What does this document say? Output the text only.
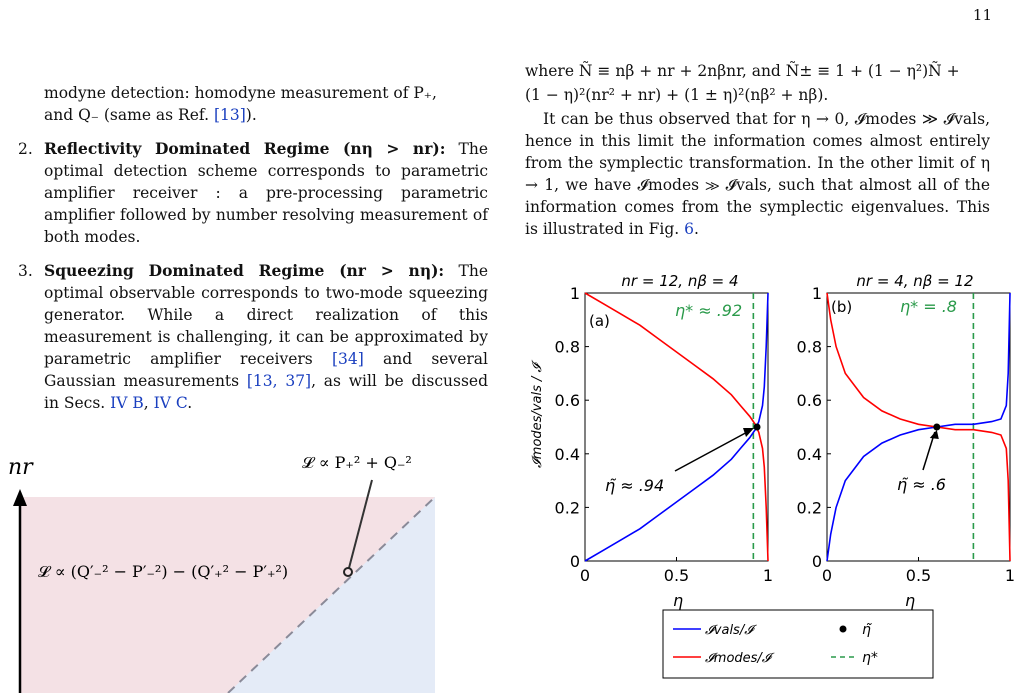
11

modyne detection: homodyne measurement of P₊,
and Q₋ (same as Ref. [13]).

2. Reflectivity Dominated Regime (nη > nr): The optimal detection scheme corresponds to parametric amplifier receiver : a pre-processing parametric amplifier followed by number resolving measurement of both modes.
3. Squeezing Dominated Regime (nr > nη): The optimal observable corresponds to two-mode squeezing generator. While a direct realization of this measurement is challenging, it can be approximated by parametric amplifier receivers [34] and several Gaussian measurements [13, 37], as will be discussed in Secs. IV B, IV C.

where Ñ ≡ nβ + nr + 2nβnr, and Ñ± ≡ 1 + (1 − η²)Ñ +

(1 − η)²(nr² + nr) + (1 ± η)²(nβ² + nβ).

It can be thus observed that for η → 0, 𝓘modes ≫ 𝓘vals, hence in this limit the information comes almost entirely from the symplectic transformation. In the other limit of η → 1, we have 𝓘modes ≫ 𝓘vals, such that almost all of the information comes from the symplectic eigenvalues. This is illustrated in Fig. 6.

nr	𝓛 ∝ P₊² + Q₋²
𝓛 ∝ (Q′₋² − P′₋²) − (Q′₊² − P′₊²)
nr = 12, nβ = 4
(a)
0	0.5	1
0
0.2
0.4
0.6
0.8
1
η* ≈ .92
η̃ ≈ .94
η
𝓘modes/vals / 𝓘
nr = 4, nβ = 12
(b)
0	0.5	1
0
0.2
0.4
0.6
0.8
1
η* = .8
η̃ ≈ .6
η
𝓘vals/𝓘	η̃
𝓘modes/𝓘	η*
